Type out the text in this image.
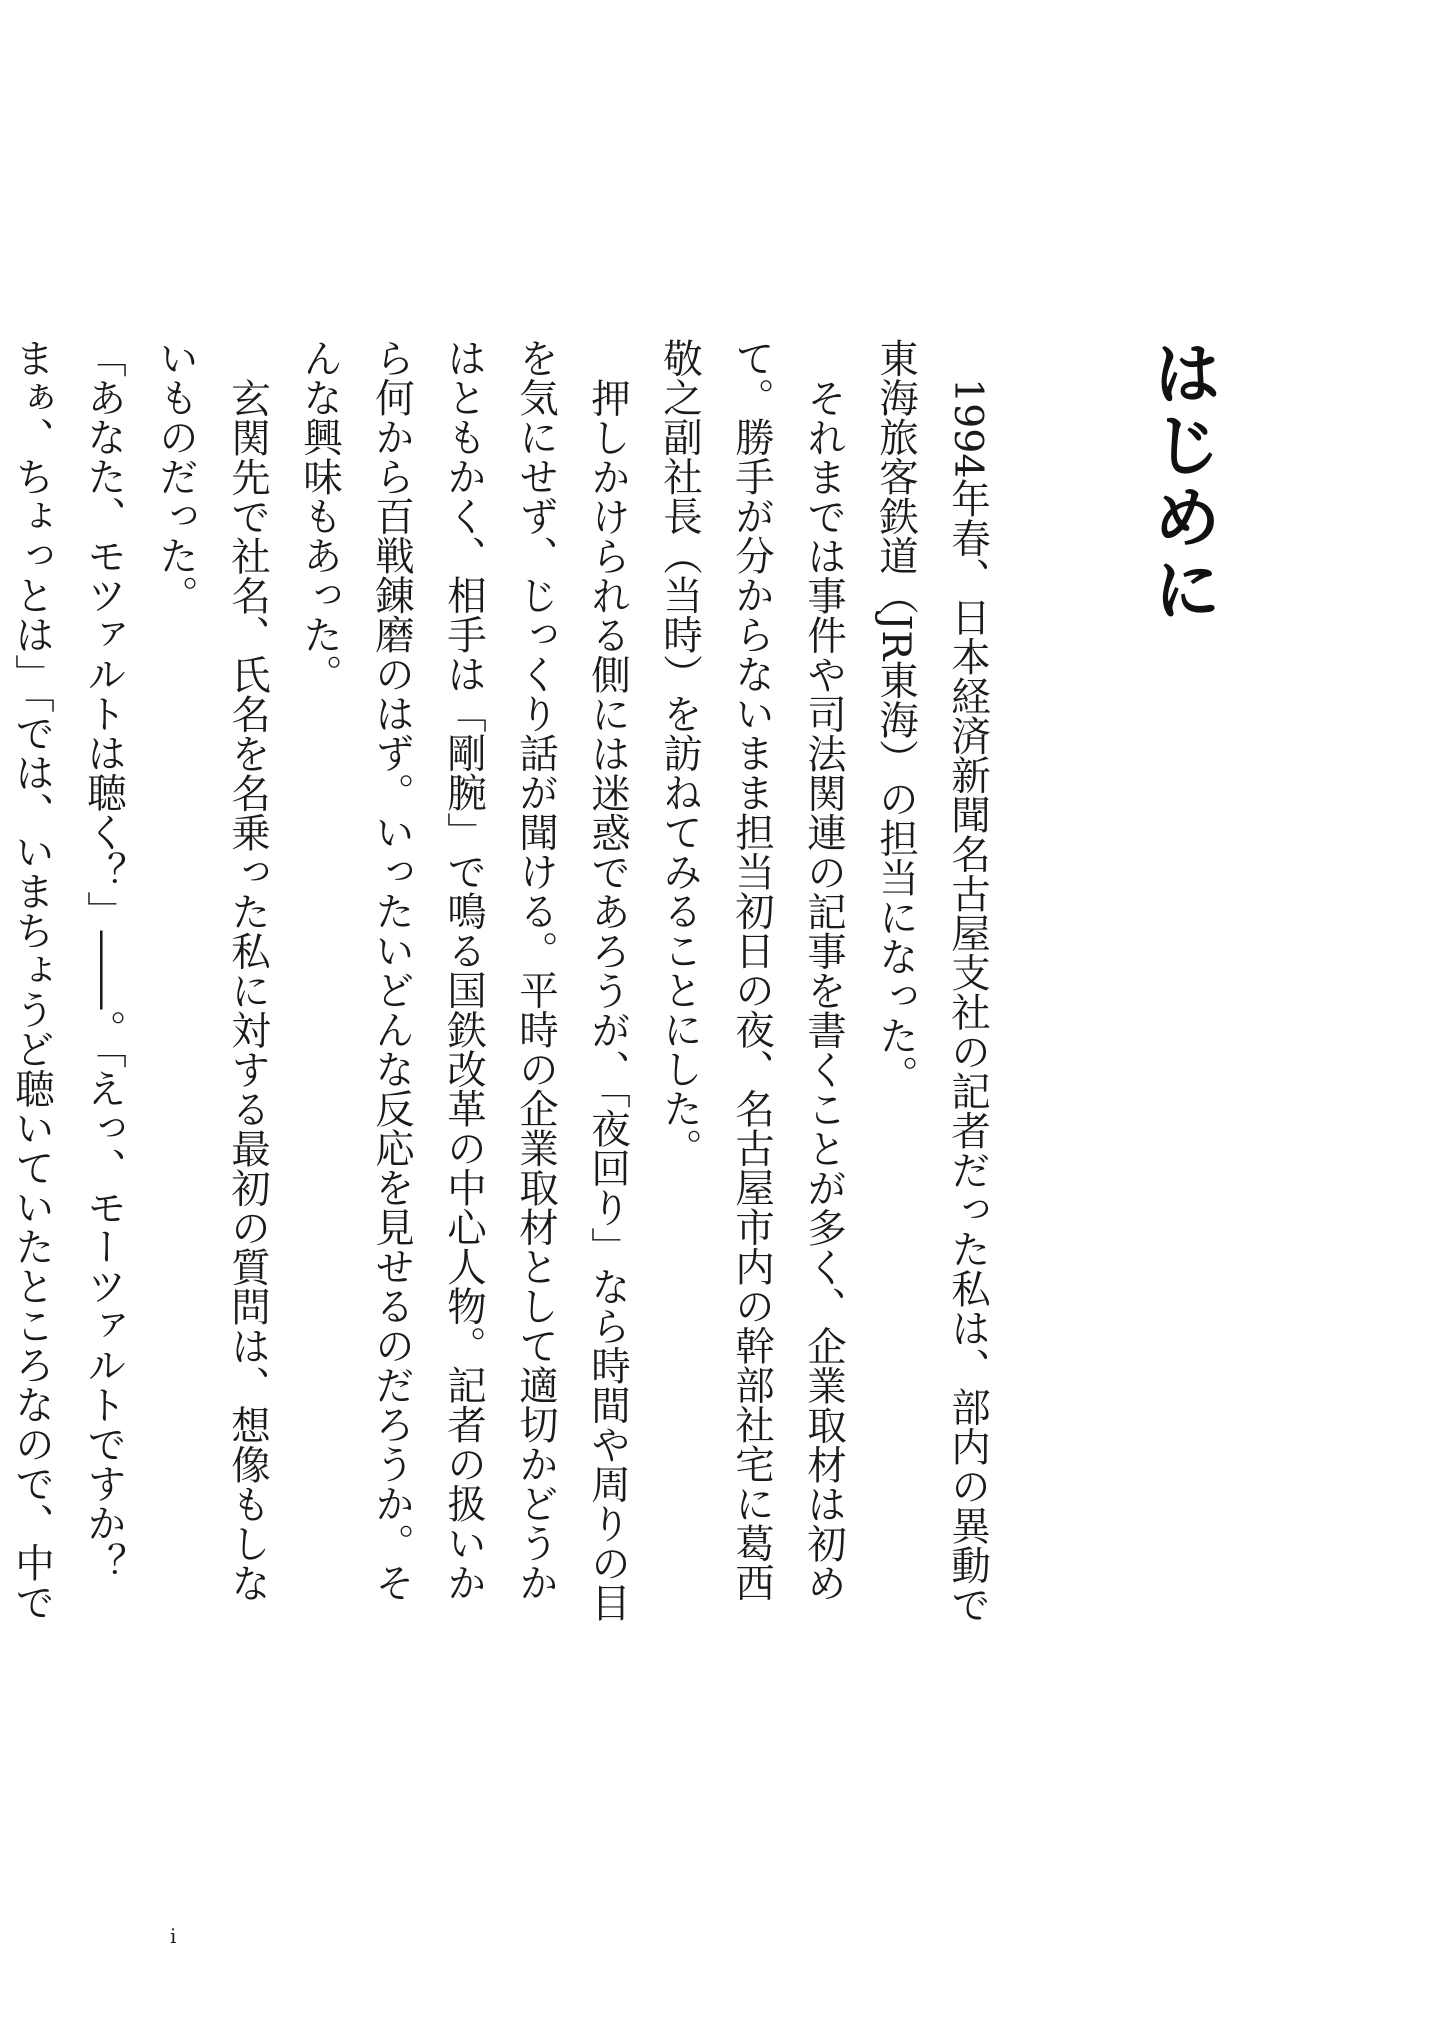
はじめに

1994年春、日本経済新聞名古屋支社の記者だった私は、部内の異動で東海旅客鉄道（JR東海）の担当になった。

それまでは事件や司法関連の記事を書くことが多く、企業取材は初めて。勝手が分からないまま担当初日の夜、名古屋市内の幹部社宅に葛西敬之副社長（当時）を訪ねてみることにした。

押しかけられる側には迷惑であろうが、「夜回り」なら時間や周りの目を気にせず、じっくり話が聞ける。平時の企業取材として適切かどうかはともかく、相手は「剛腕」で鳴る国鉄改革の中心人物。記者の扱いから何から百戦錬磨のはず。いったいどんな反応を見せるのだろうか。そんな興味もあった。

玄関先で社名、氏名を名乗った私に対する最初の質問は、想像もしないものだった。

「あなた、モツァルトは聴く？」――。「えっ、モーツァルトですか？　まぁ、ちょっとは」「では、いまちょうど聴いていたところなので、中で

i
